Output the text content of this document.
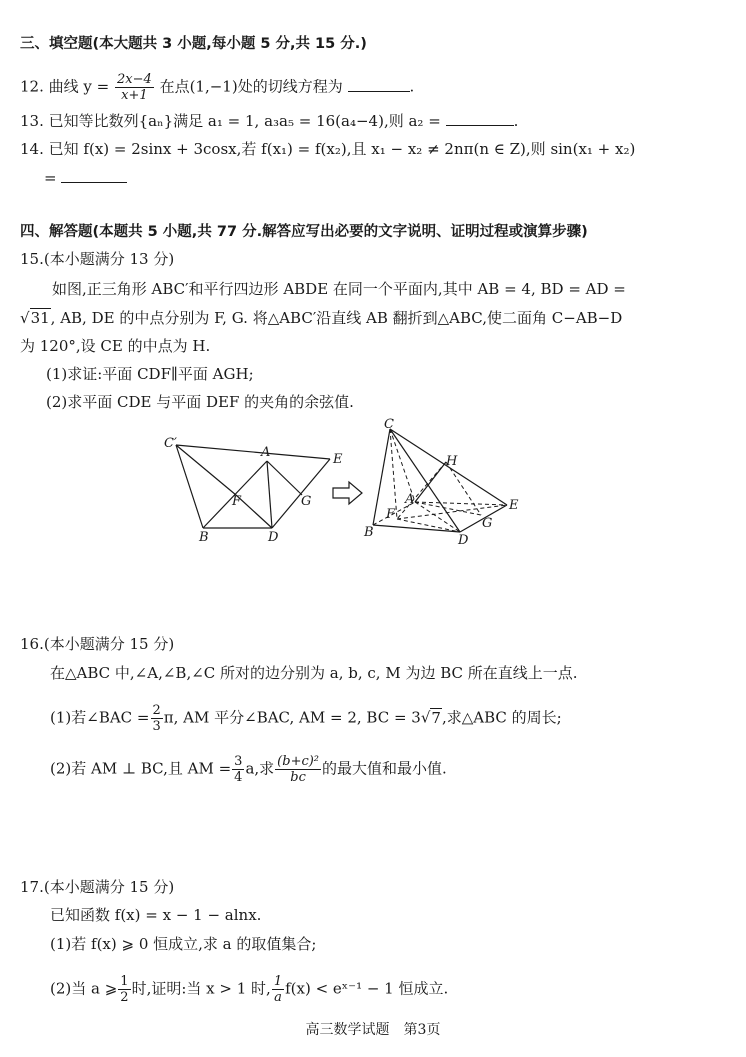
三、填空题(本大题共 3 小题,每小题 5 分,共 15 分.)
12. 曲线 $y = \frac{2x-4}{x+1}$ 在点(1,−1)处的切线方程为	.
13. 已知等比数列{aₙ}满足 a₁ = 1, a₃a₅ = 16(a₄−4),则 a₂ =	.
14. 已知 f(x) = 2sinx + 3cosx,若 f(x₁) = f(x₂),且 x₁ − x₂ ≠ 2nπ(n ∈ Z),则 sin(x₁ + x₂)
=
四、解答题(本题共 5 小题,共 77 分.解答应写出必要的文字说明、证明过程或演算步骤)
15.(本小题满分 13 分)
如图,正三角形 ABC′和平行四边形 ABDE 在同一个平面内,其中 AB = 4, BD = AD =
√31, AB, DE 的中点分别为 F, G. 将△ABC′沿直线 AB 翻折到△ABC,使二面角 C−AB−D
为 120°,设 CE 的中点为 H.
(1)求证:平面 CDF∥平面 AGH;
(2)求平面 CDE 与平面 DEF 的夹角的余弦值.
C′
A	E
F	G
B	D
C
H
A	E
F
G
B
D
16.(本小题满分 15 分)
在△ABC 中,∠A,∠B,∠C 所对的边分别为 a, b, c, M 为边 BC 所在直线上一点.
(1)若∠BAC = $\frac{2}{3} \pi$, AM 平分∠BAC, AM = 2, BC = 3√7,求△ABC 的周长;
(2)若 AM ⊥ BC,且 AM = $\frac{3}{4} a$,求 $\frac{\text{(b+c)²}}{bc}$ 的最大值和最小值.
17.(本小题满分 15 分)
已知函数 f(x) = x − 1 − alnx.
(1)若 f(x) ⩾ 0 恒成立,求 a 的取值集合;
(2)当 a ⩾ $\frac{1}{2}$ 时,证明:当 x > 1 时, $\frac{1}{a} f(x)$ < eˣ⁻¹ − 1 恒成立.
高三数学试题　第3页
